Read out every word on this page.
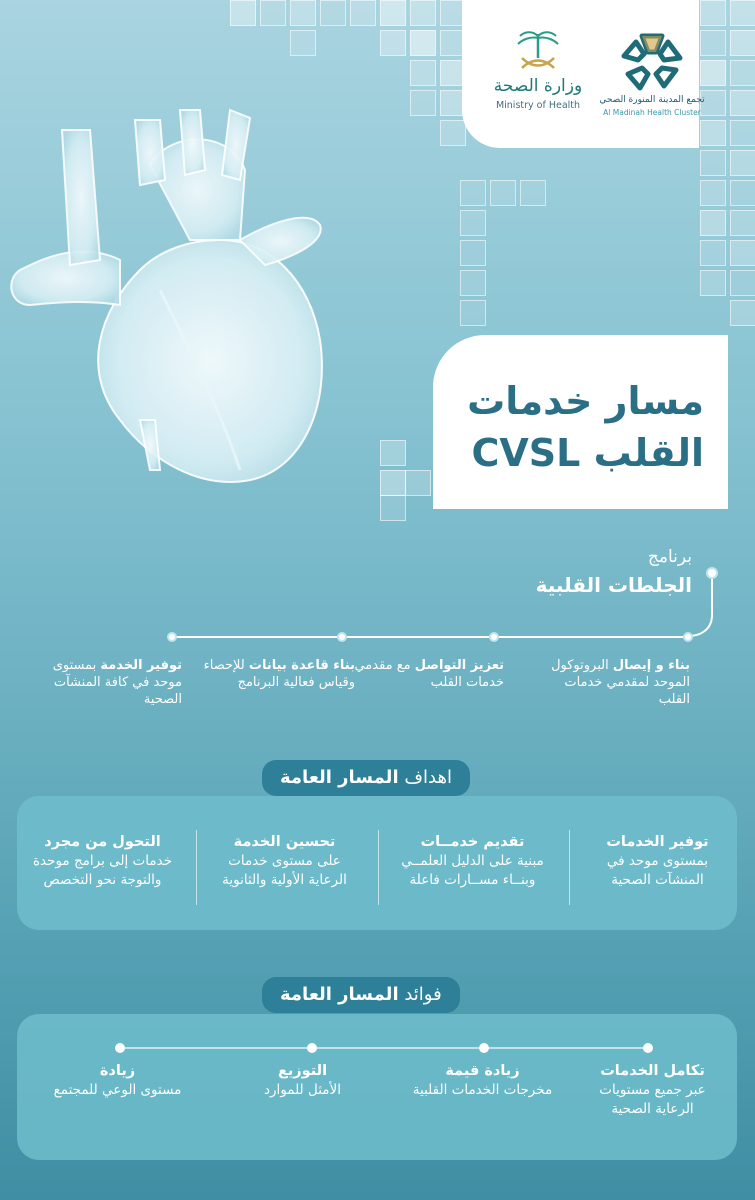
وزارة الصحة
Ministry of Health	تجمع المدينة المنورة الصحي
Al Madinah Health Cluster
مسار خدمات
القلب CVSL
برنامج
الجلطات القلبية
بناء و إيصال البروتوكول الموحد لمقدمي خدمات القلب
تعزيز التواصل مع مقدمي خدمات القلب
بناء قاعدة بيانات للإحصاء وقياس فعالية البرنامج
توفير الخدمة بمستوى موحد في كافة المنشآت الصحية
اهداف المسار العامة
توفير الخدمات
بمستوى موحد في المنشآت الصحية
تقديم خدمــات
مبنية على الدليل العلمــي وبنــاء مســارات فاعلة
تحسين الخدمة
على مستوى خدمات الرعاية الأولية والثانوية
التحول من مجرد
خدمات إلى برامج موحدة والتوجة نحو التخصص
فوائد المسار العامة
تكامل الخدمات
عبر جميع مستويات الرعاية الصحية
زيادة قيمة
مخرجات الخدمات القلبية
التوزيع
الأمثل للموارد
زيادة
مستوى الوعي للمجتمع
